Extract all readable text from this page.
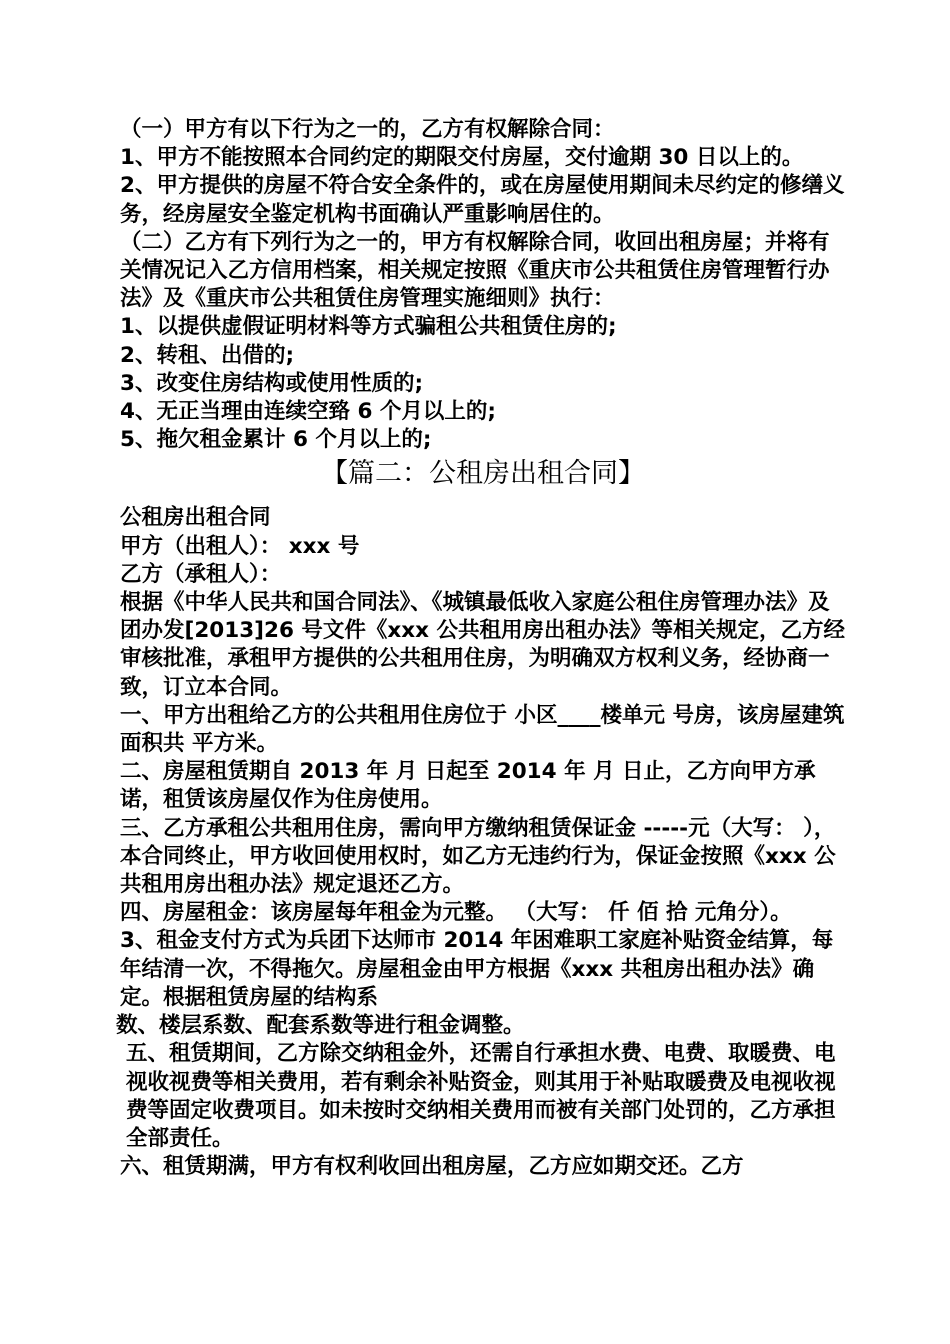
（一）甲方有以下行为之一的，乙方有权解除合同：

1、甲方不能按照本合同约定的期限交付房屋，交付逾期 30 日以上的。

2、甲方提供的房屋不符合安全条件的，或在房屋使用期间未尽约定的修缮义务，经房屋安全鉴定机构书面确认严重影响居住的。

（二）乙方有下列行为之一的，甲方有权解除合同，收回出租房屋；并将有关情况记入乙方信用档案，相关规定按照《重庆市公共租赁住房管理暂行办法》及《重庆市公共租赁住房管理实施细则》执行：

1、以提供虚假证明材料等方式骗租公共租赁住房的;

2、转租、出借的;

3、改变住房结构或使用性质的;

4、无正当理由连续空臵 6 个月以上的;

5、拖欠租金累计 6 个月以上的;

【篇二：公租房出租合同】

公租房出租合同

甲方（出租人）： xxx 号

乙方（承租人）：

根据《中华人民共和国合同法》、《城镇最低收入家庭公租住房管理办法》及团办发[2013]26 号文件《xxx 公共租用房出租办法》等相关规定，乙方经审核批准，承租甲方提供的公共租用住房，为明确双方权利义务，经协商一致，订立本合同。

一、甲方出租给乙方的公共租用住房位于 小区____楼单元 号房，该房屋建筑面积共 平方米。

二、房屋租赁期自 2013 年 月 日起至 2014 年 月 日止，乙方向甲方承诺，租赁该房屋仅作为住房使用。

三、乙方承租公共租用住房，需向甲方缴纳租赁保证金 -----元（大写： ），本合同终止，甲方收回使用权时，如乙方无违约行为，保证金按照《xxx 公共租用房出租办法》规定退还乙方。

四、房屋租金：该房屋每年租金为元整。 （大写： 仟 佰 拾 元角分）。

3、租金支付方式为兵团下达师市 2014 年困难职工家庭补贴资金结算，每年结清一次，不得拖欠。房屋租金由甲方根据《xxx 共租房出租办法》确定。根据租赁房屋的结构系

数、楼层系数、配套系数等进行租金调整。

五、租赁期间，乙方除交纳租金外，还需自行承担水费、电费、取暖费、电视收视费等相关费用，若有剩余补贴资金，则其用于补贴取暖费及电视收视费等固定收费项目。如未按时交纳相关费用而被有关部门处罚的，乙方承担全部责任。

六、租赁期满，甲方有权利收回出租房屋，乙方应如期交还。乙方
